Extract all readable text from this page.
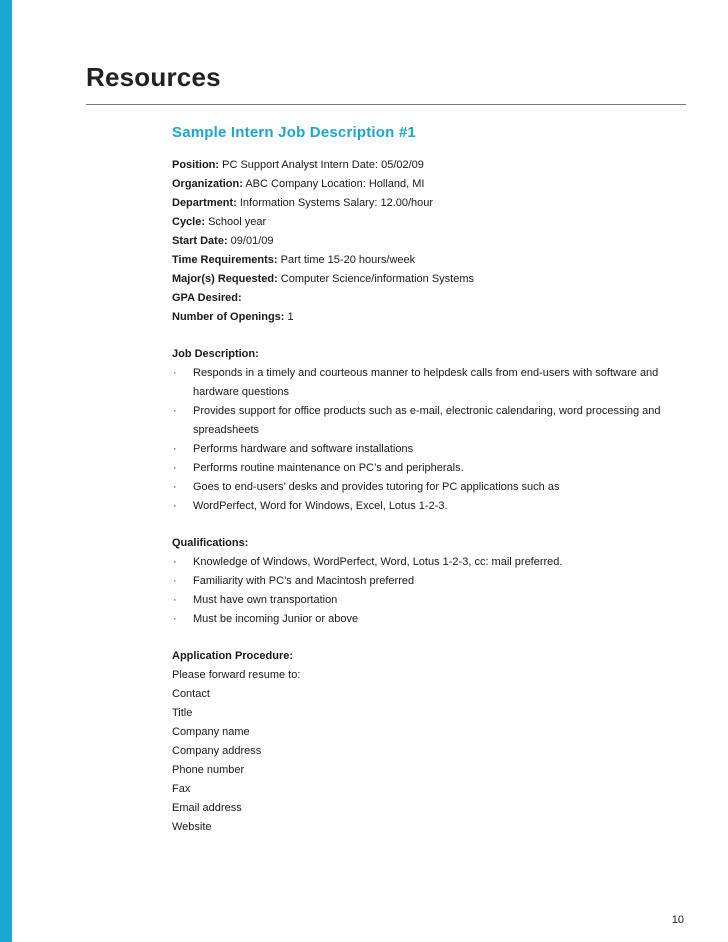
Resources
Sample Intern Job Description #1

Position: PC Support Analyst Intern Date: 05/02/09

Organization: ABC Company Location: Holland, MI

Department: Information Systems Salary: 12.00/hour

Cycle: School year

Start Date: 09/01/09

Time Requirements: Part time 15-20 hours/week

Major(s) Requested: Computer Science/information Systems

GPA Desired:

Number of Openings: 1

Job Description:

· Responds in a timely and courteous manner to helpdesk calls from end-users with software and hardware questions
· Provides support for office products such as e-mail, electronic calendaring, word processing and spreadsheets
· Performs hardware and software installations
· Performs routine maintenance on PC’s and peripherals.
· Goes to end-users’ desks and provides tutoring for PC applications such as
· WordPerfect, Word for Windows, Excel, Lotus 1-2-3.

Qualifications:

· Knowledge of Windows, WordPerfect, Word, Lotus 1-2-3, cc: mail preferred.
· Familiarity with PC’s and Macintosh preferred
· Must have own transportation
· Must be incoming Junior or above

Application Procedure:

Please forward resume to:

Contact

Title

Company name

Company address

Phone number

Fax

Email address

Website

10
